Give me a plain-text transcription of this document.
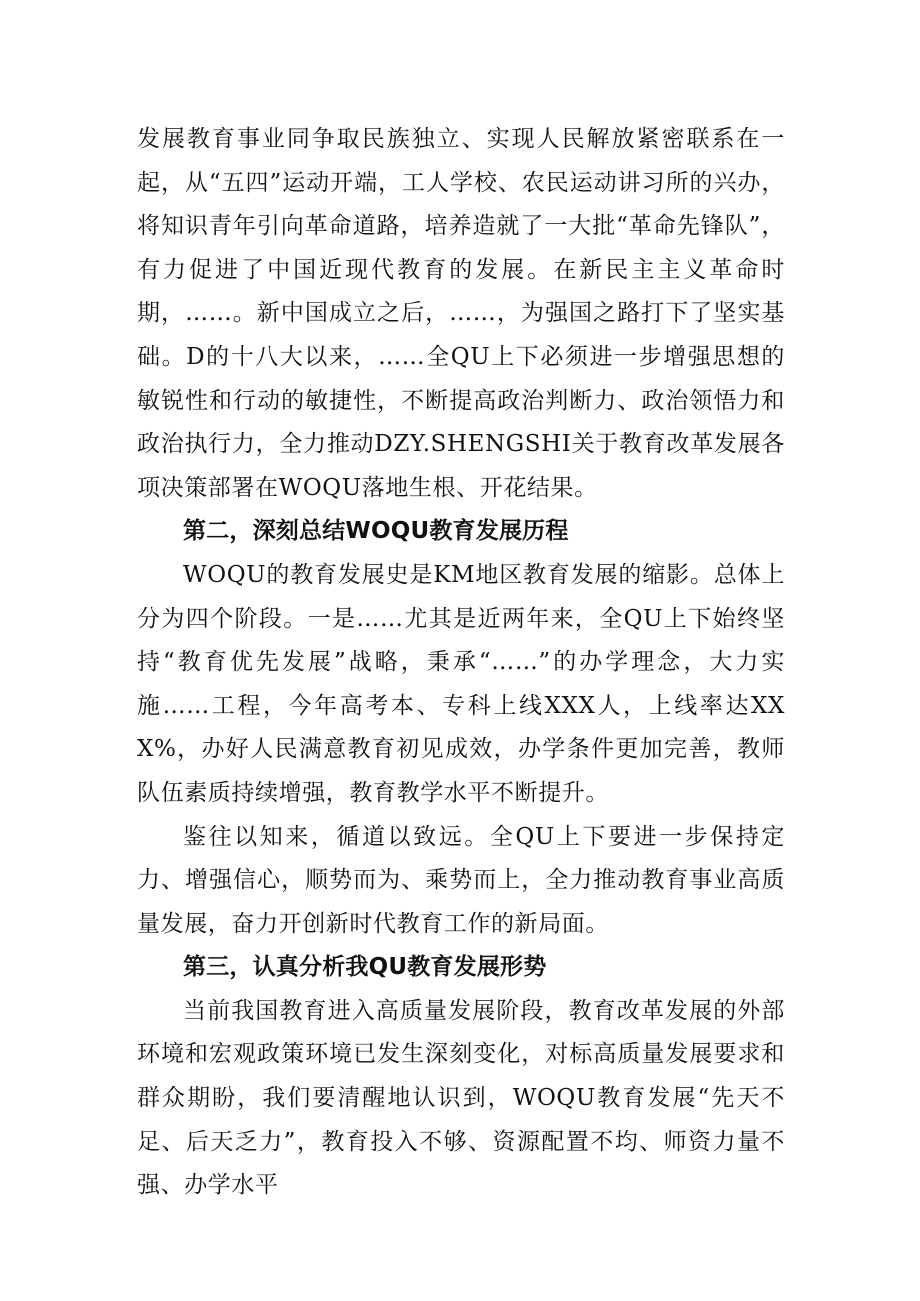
发展教育事业同争取民族独立、实现人民解放紧密联系在一起，从“五四”运动开端，工人学校、农民运动讲习所的兴办，将知识青年引向革命道路，培养造就了一大批“革命先锋队”，有力促进了中国近现代教育的发展。在新民主主义革命时期，……。新中国成立之后，……，为强国之路打下了坚实基础。D的十八大以来，……全QU上下必须进一步增强思想的敏锐性和行动的敏捷性，不断提高政治判断力、政治领悟力和政治执行力，全力推动DZY.SHENGSHI关于教育改革发展各项决策部署在WOQU落地生根、开花结果。

第二，深刻总结WOQU教育发展历程

WOQU的教育发展史是KM地区教育发展的缩影。总体上分为四个阶段。一是……尤其是近两年来，全QU上下始终坚持“教育优先发展”战略，秉承“……”的办学理念，大力实施……工程，今年高考本、专科上线XXX人，上线率达XXX%，办好人民满意教育初见成效，办学条件更加完善，教师队伍素质持续增强，教育教学水平不断提升。

鉴往以知来，循道以致远。全QU上下要进一步保持定力、增强信心，顺势而为、乘势而上，全力推动教育事业高质量发展，奋力开创新时代教育工作的新局面。

第三，认真分析我QU教育发展形势

当前我国教育进入高质量发展阶段，教育改革发展的外部环境和宏观政策环境已发生深刻变化，对标高质量发展要求和群众期盼，我们要清醒地认识到，WOQU教育发展“先天不足、后天乏力”，教育投入不够、资源配置不均、师资力量不强、办学水平
